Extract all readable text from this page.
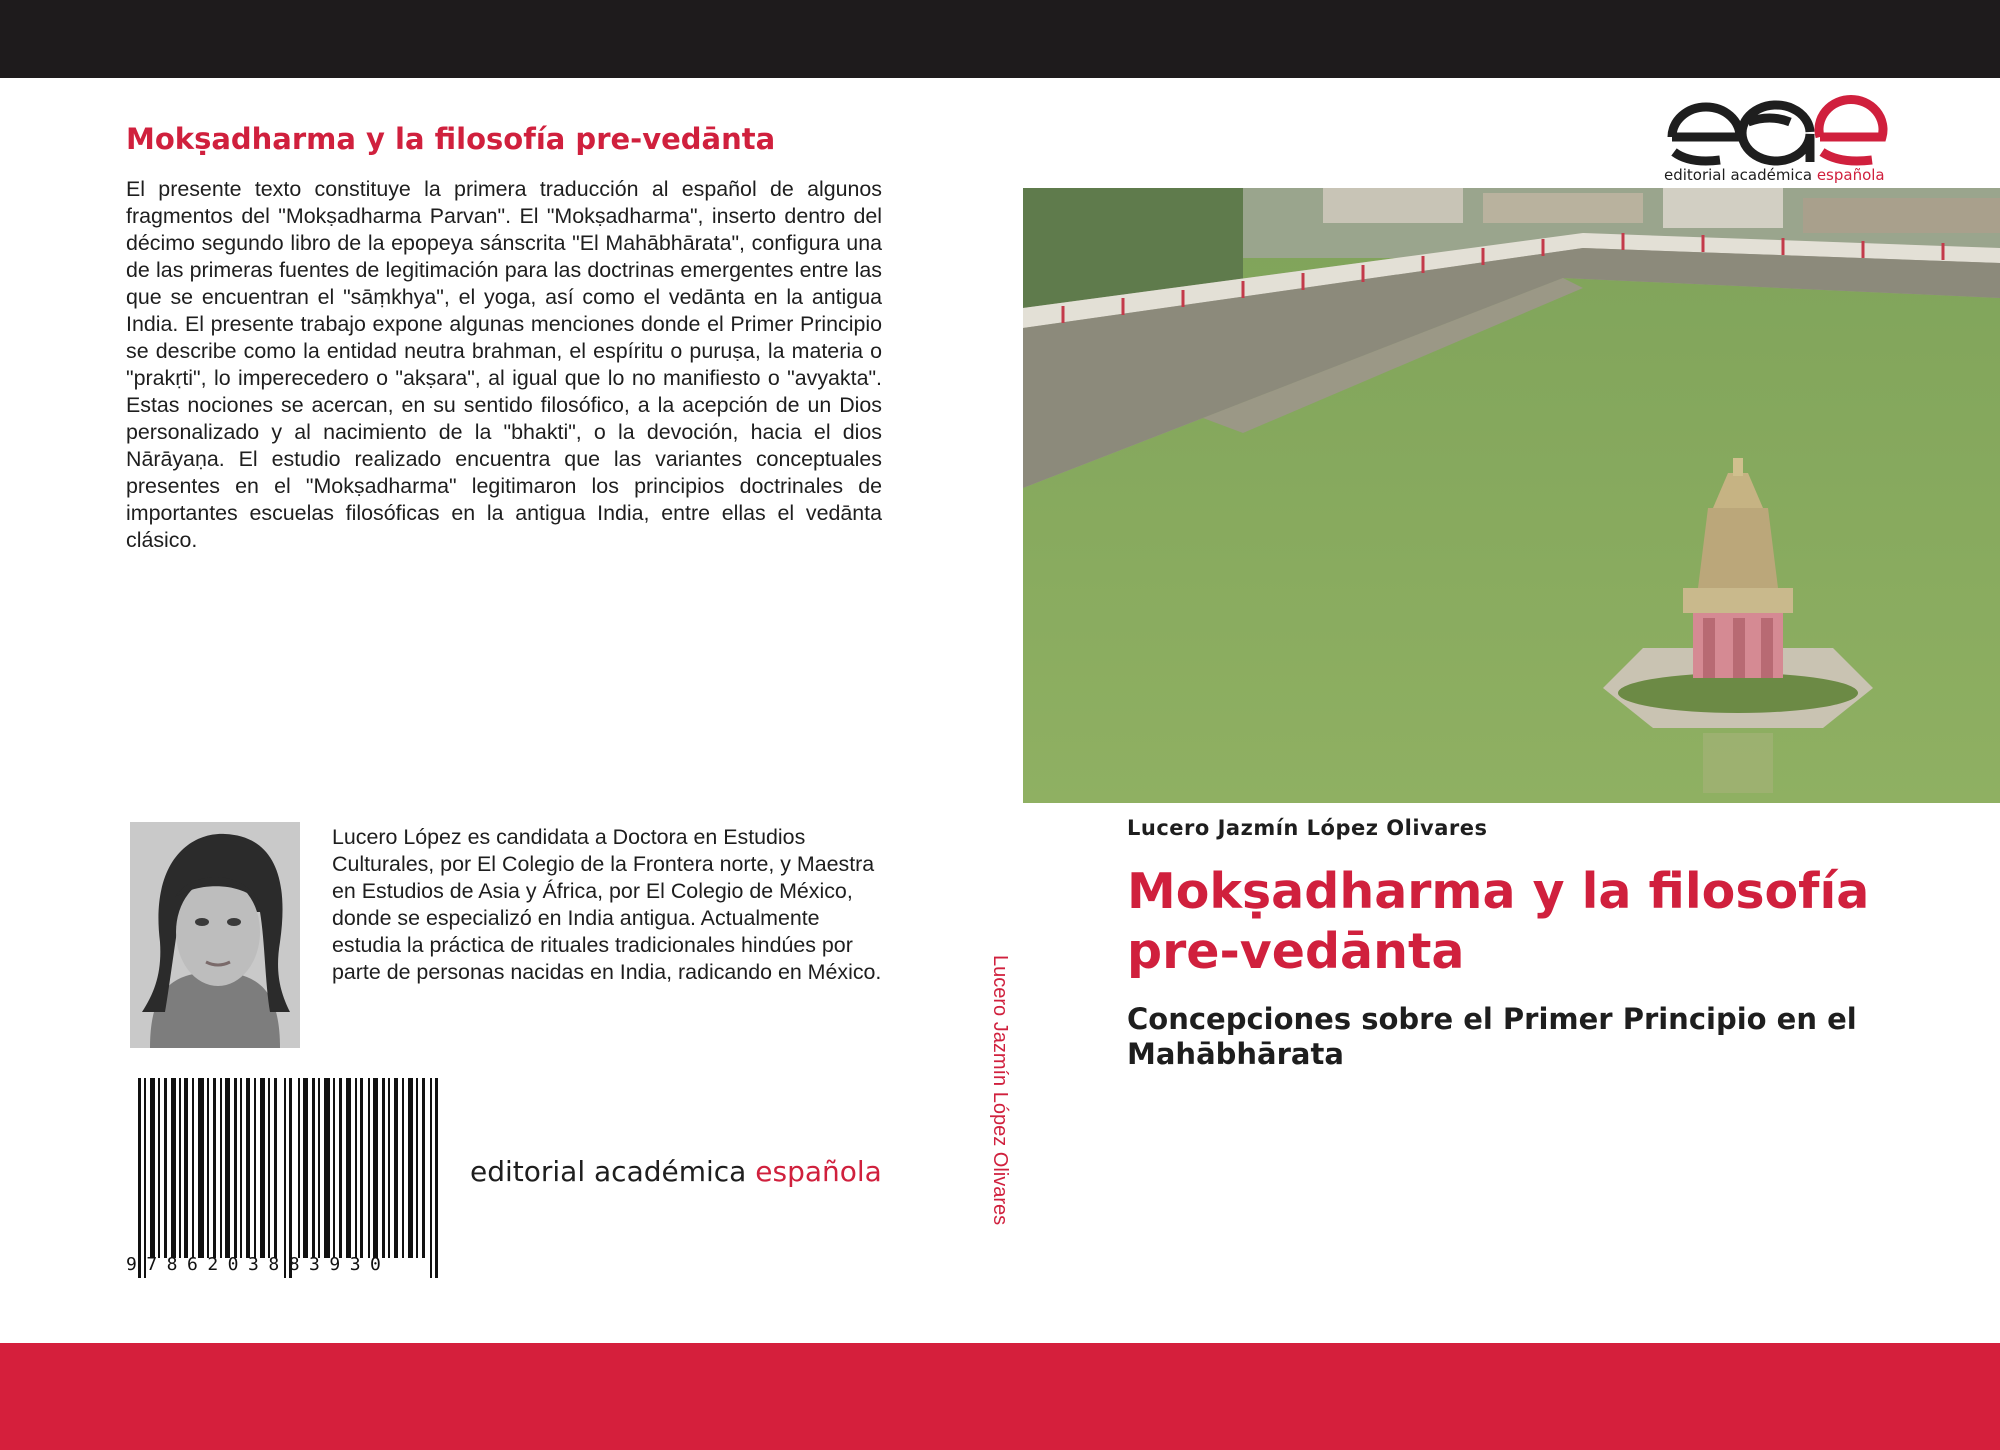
Mokṣadharma y la filosofía pre-vedānta
El presente texto constituye la primera traducción al español de algunos fragmentos del "Mokṣadharma Parvan". El "Mokṣadharma", inserto dentro del décimo segundo libro de la epopeya sánscrita "El Mahābhārata", configura una de las primeras fuentes de legitimación para las doctrinas emergentes entre las que se encuentran el "sāṃkhya", el yoga, así como el vedānta en la antigua India. El presente trabajo expone algunas menciones donde el Primer Principio se describe como la entidad neutra brahman, el espíritu o puruṣa, la materia o "prakṛti", lo imperecedero o "akṣara", al igual que lo no manifiesto o "avyakta". Estas nociones se acercan, en su sentido filosófico, a la acepción de un Dios personalizado y al nacimiento de la "bhakti", o la devoción, hacia el dios Nārāyaṇa. El estudio realizado encuentra que las variantes conceptuales presentes en el "Mokṣadharma" legitimaron los principios doctrinales de importantes escuelas filosóficas en la antigua India, entre ellas el vedānta clásico.
Lucero López es candidata a Doctora en Estudios Culturales, por El Colegio de la Frontera norte, y Maestra en Estudios de Asia y África, por El Colegio de México, donde se especializó en India antigua. Actualmente estudia la práctica de rituales tradicionales hindúes por parte de personas nacidas en India, radicando en México.
9786203883930
editorial académica española	Lucero Jazmín López Olivares
editorial académica española
Lucero Jazmín López Olivares
Mokṣadharma y la filosofía pre-vedānta
Concepciones sobre el Primer Principio en el Mahābhārata
